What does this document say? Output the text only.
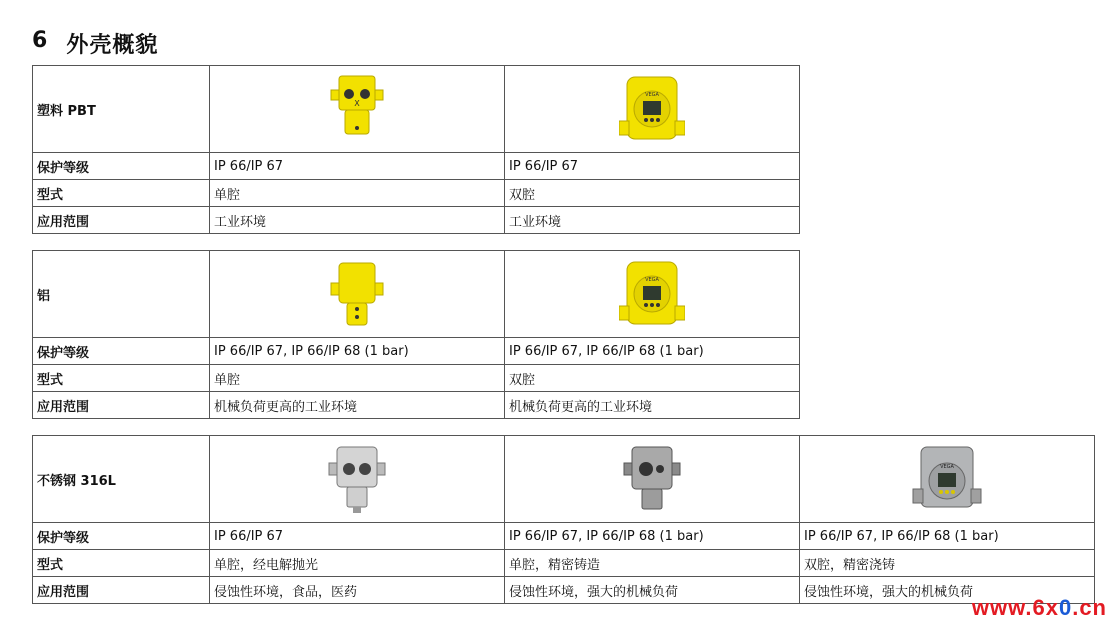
6 外壳概貌
塑料 PBT	X	VEGA

保护等级	IP 66/IP 67	IP 66/IP 67
型式	单腔	双腔
应用范围	工业环境	工业环境
铝		VEGA

保护等级	IP 66/IP 67, IP 66/IP 68 (1 bar)	IP 66/IP 67, IP 66/IP 68 (1 bar)
型式	单腔	双腔
应用范围	机械负荷更高的工业环境	机械负荷更高的工业环境
不锈钢 316L			VEGA

保护等级	IP 66/IP 67	IP 66/IP 67, IP 66/IP 68 (1 bar)	IP 66/IP 67, IP 66/IP 68 (1 bar)
型式	单腔，经电解抛光	单腔，精密铸造	双腔，精密浇铸
应用范围	侵蚀性环境，食品，医药	侵蚀性环境，强大的机械负荷	侵蚀性环境，强大的机械负荷
www.6x0.cn
